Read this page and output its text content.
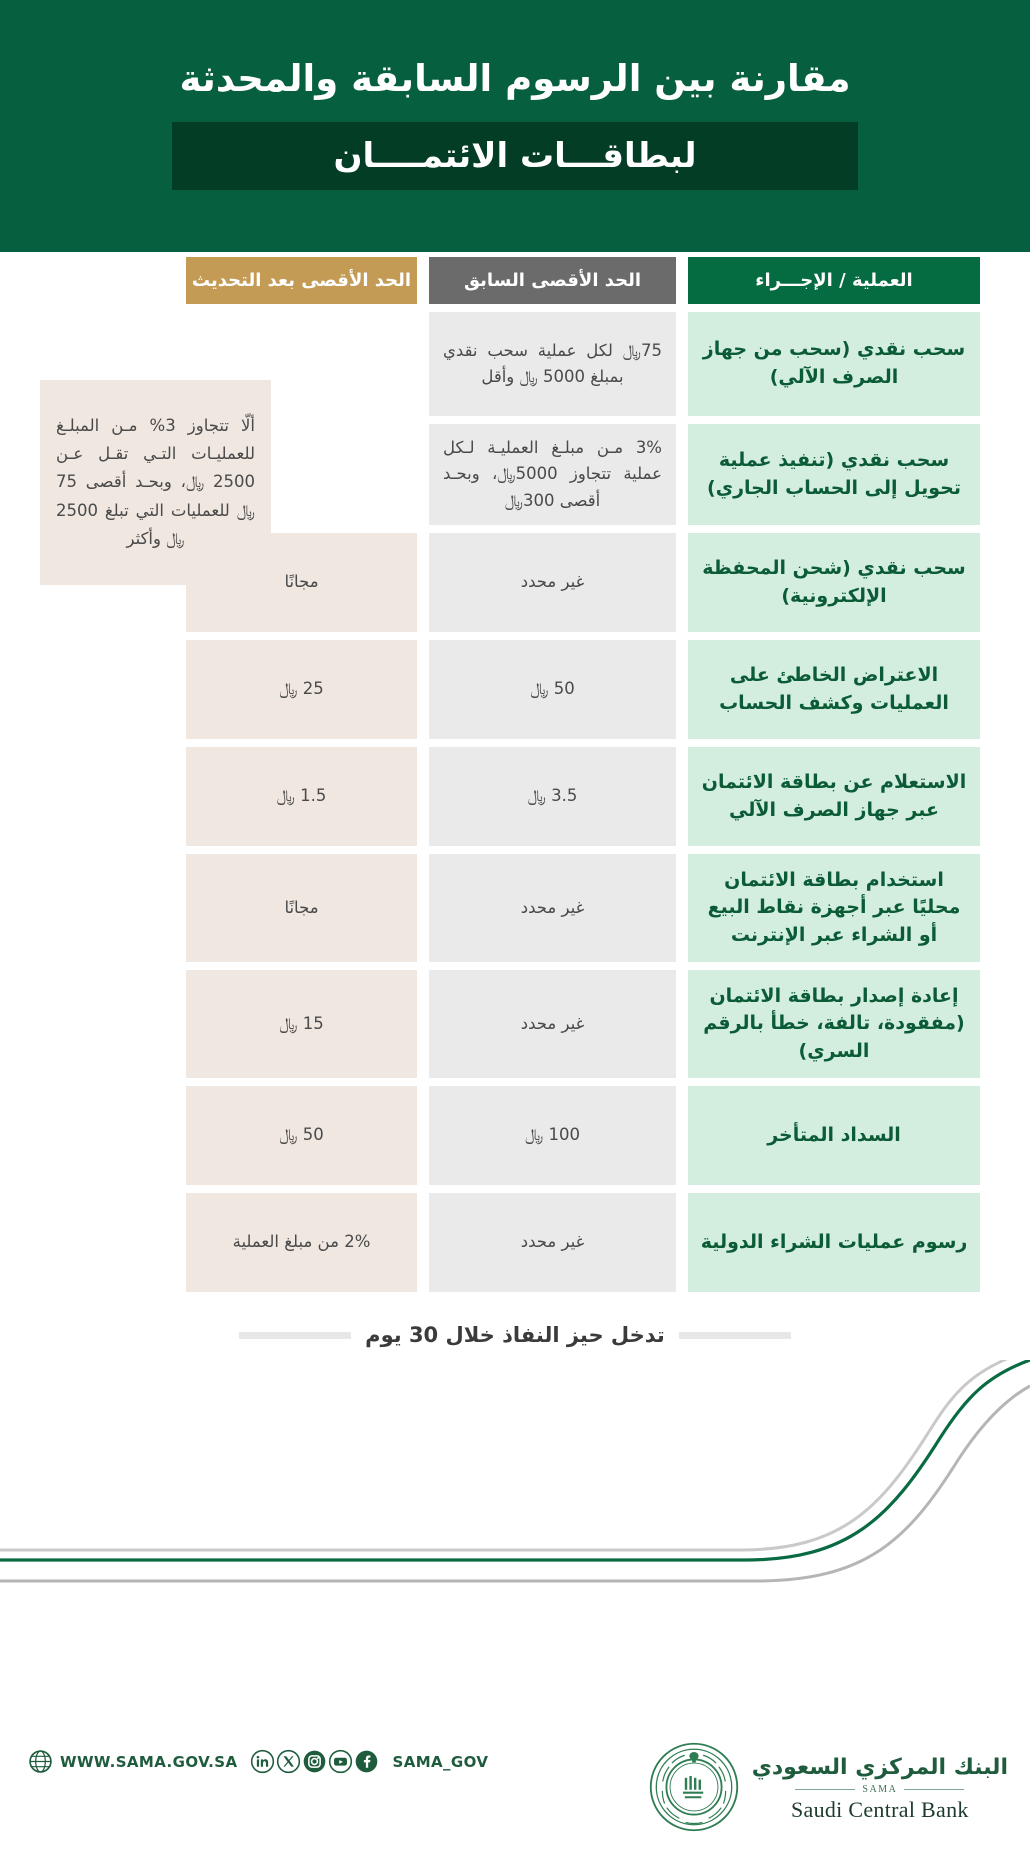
مقارنة بين الرسوم السابقة والمحدثة
لبطاقـــات الائتمــــان
العملية / الإجـــراء
الحد الأقصى السابق
الحد الأقصى بعد التحديث
ألّا تتجاوز 3% مـن المبلـغ للعمليـات التـي تقـل عـن 2500 ﷼، وبحـد أقصى 75 ﷼ للعمليات التي تبلغ 2500 ﷼ وأكثر
سحب نقدي (سحب من جهاز الصرف الآلي)
75﷼ لكل عملية سحب نقدي بمبلغ 5000 ﷼ وأقل
سحب نقدي (تنفيذ عملية تحويل إلى الحساب الجاري)
3% مـن مبلـغ العمليـة لـكل عملية تتجاوز 5000﷼، وبحـد أقصى 300﷼
سحب نقدي (شحن المحفظة الإلكترونية)
غير محدد
مجانًا
الاعتراض الخاطئ على العمليات وكشف الحساب
50 ﷼
25 ﷼
الاستعلام عن بطاقة الائتمان عبر جهاز الصرف الآلي
3.5 ﷼
1.5 ﷼
استخدام بطاقة الائتمان محليًا عبر أجهزة نقاط البيع أو الشراء عبر الإنترنت
غير محدد
مجانًا
إعادة إصدار بطاقة الائتمان (مفقودة، تالفة، خطأ بالرقم السري)
غير محدد
15 ﷼
السداد المتأخر
100 ﷼
50 ﷼
رسوم عمليات الشراء الدولية
غير محدد
2% من مبلغ العملية
تدخل حيز النفاذ خلال 30 يوم
WWW.SAMA.GOV.SA	SAMA_GOV	البنك المركزي السعودي
SAMA
Saudi Central Bank
